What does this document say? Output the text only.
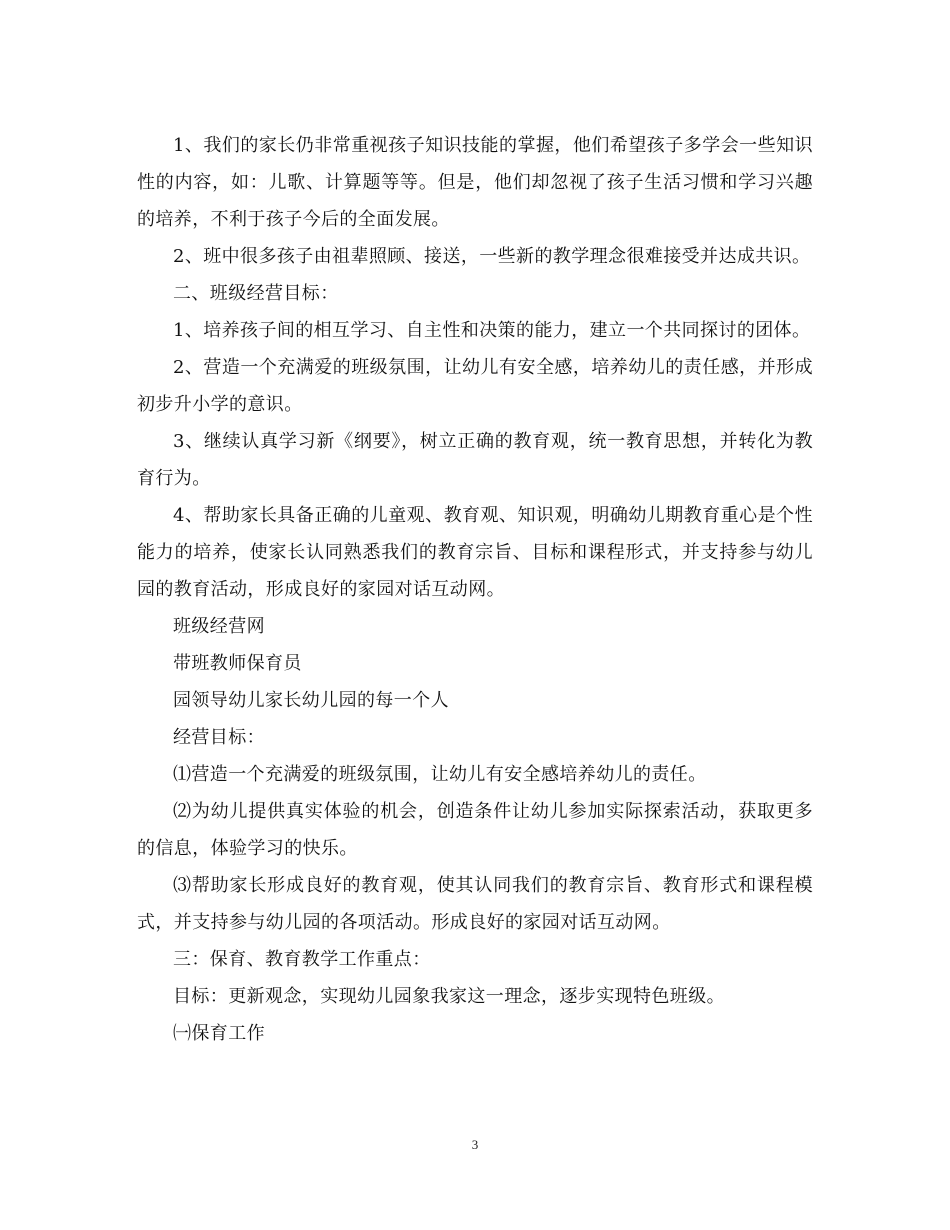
1、我们的家长仍非常重视孩子知识技能的掌握，他们希望孩子多学会一些知识性的内容，如：儿歌、计算题等等。但是，他们却忽视了孩子生活习惯和学习兴趣的培养，不利于孩子今后的全面发展。

2、班中很多孩子由祖辈照顾、接送，一些新的教学理念很难接受并达成共识。

二、班级经营目标：

1、培养孩子间的相互学习、自主性和决策的能力，建立一个共同探讨的团体。

2、营造一个充满爱的班级氛围，让幼儿有安全感，培养幼儿的责任感，并形成初步升小学的意识。

3、继续认真学习新《纲要》，树立正确的教育观，统一教育思想，并转化为教育行为。

4、帮助家长具备正确的儿童观、教育观、知识观，明确幼儿期教育重心是个性能力的培养，使家长认同熟悉我们的教育宗旨、目标和课程形式，并支持参与幼儿园的教育活动，形成良好的家园对话互动网。

班级经营网

带班教师保育员

园领导幼儿家长幼儿园的每一个人

经营目标：

⑴营造一个充满爱的班级氛围，让幼儿有安全感培养幼儿的责任。

⑵为幼儿提供真实体验的机会，创造条件让幼儿参加实际探索活动，获取更多的信息，体验学习的快乐。

⑶帮助家长形成良好的教育观，使其认同我们的教育宗旨、教育形式和课程模式，并支持参与幼儿园的各项活动。形成良好的家园对话互动网。

三：保育、教育教学工作重点：

目标：更新观念，实现幼儿园象我家这一理念，逐步实现特色班级。

㈠保育工作

3
